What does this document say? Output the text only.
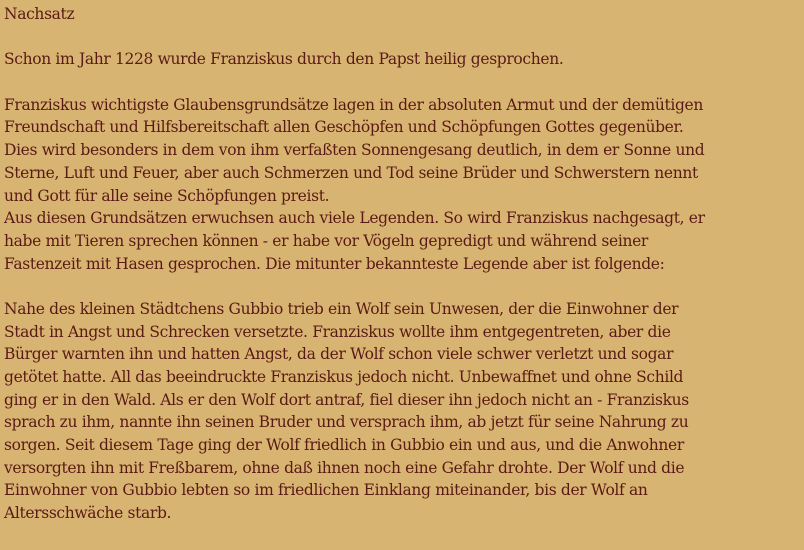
Nachsatz
Schon im Jahr 1228 wurde Franziskus durch den Papst heilig gesprochen.
Franziskus wichtigste Glaubensgrundsätze lagen in der absoluten Armut und der demütigen
Freundschaft und Hilfsbereitschaft allen Geschöpfen und Schöpfungen Gottes gegenüber.
Dies wird besonders in dem von ihm verfaßten Sonnengesang deutlich, in dem er Sonne und
Sterne, Luft und Feuer, aber auch Schmerzen und Tod seine Brüder und Schwerstern nennt
und Gott für alle seine Schöpfungen preist.
Aus diesen Grundsätzen erwuchsen auch viele Legenden. So wird Franziskus nachgesagt, er
habe mit Tieren sprechen können - er habe vor Vögeln gepredigt und während seiner
Fastenzeit mit Hasen gesprochen. Die mitunter bekannteste Legende aber ist folgende:
Nahe des kleinen Städtchens Gubbio trieb ein Wolf sein Unwesen, der die Einwohner der
Stadt in Angst und Schrecken versetzte. Franziskus wollte ihm entgegentreten, aber die
Bürger warnten ihn und hatten Angst, da der Wolf schon viele schwer verletzt und sogar
getötet hatte. All das beeindruckte Franziskus jedoch nicht. Unbewaffnet und ohne Schild
ging er in den Wald. Als er den Wolf dort antraf, fiel dieser ihn jedoch nicht an - Franziskus
sprach zu ihm, nannte ihn seinen Bruder und versprach ihm, ab jetzt für seine Nahrung zu
sorgen. Seit diesem Tage ging der Wolf friedlich in Gubbio ein und aus, und die Anwohner
versorgten ihn mit Freßbarem, ohne daß ihnen noch eine Gefahr drohte. Der Wolf und die
Einwohner von Gubbio lebten so im friedlichen Einklang miteinander, bis der Wolf an
Altersschwäche starb.
